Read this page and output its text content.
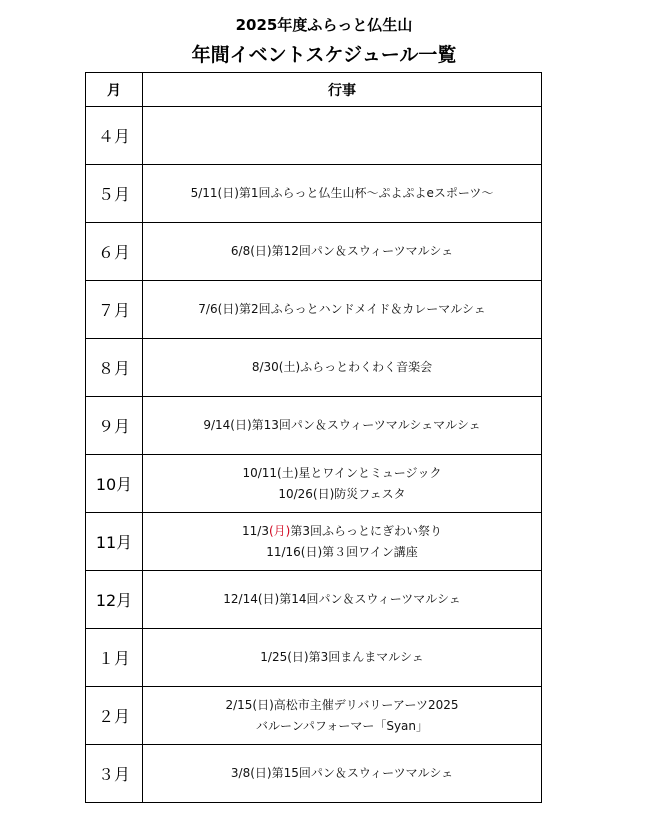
2025年度ふらっと仏生山
年間イベントスケジュール一覧
月	行事
４月	
５月	5/11(日)第1回ふらっと仏生山杯～ぷよぷよeスポーツ～

６月	6/8(日)第12回パン＆スウィーツマルシェ

７月	7/6(日)第2回ふらっとハンドメイド＆カレーマルシェ

８月	8/30(土)ふらっとわくわく音楽会

９月	9/14(日)第13回パン＆スウィーツマルシェマルシェ

10月	10/11(土)星とワインとミュージック
10/26(日)防災フェスタ

11月	11/3(月)第3回ふらっとにぎわい祭り
11/16(日)第３回ワイン講座

12月	12/14(日)第14回パン＆スウィーツマルシェ

１月	1/25(日)第3回まんまマルシェ

２月	2/15(日)高松市主催デリバリーアーツ2025
バルーンパフォーマー「Syan」

３月	3/8(日)第15回パン＆スウィーツマルシェ
